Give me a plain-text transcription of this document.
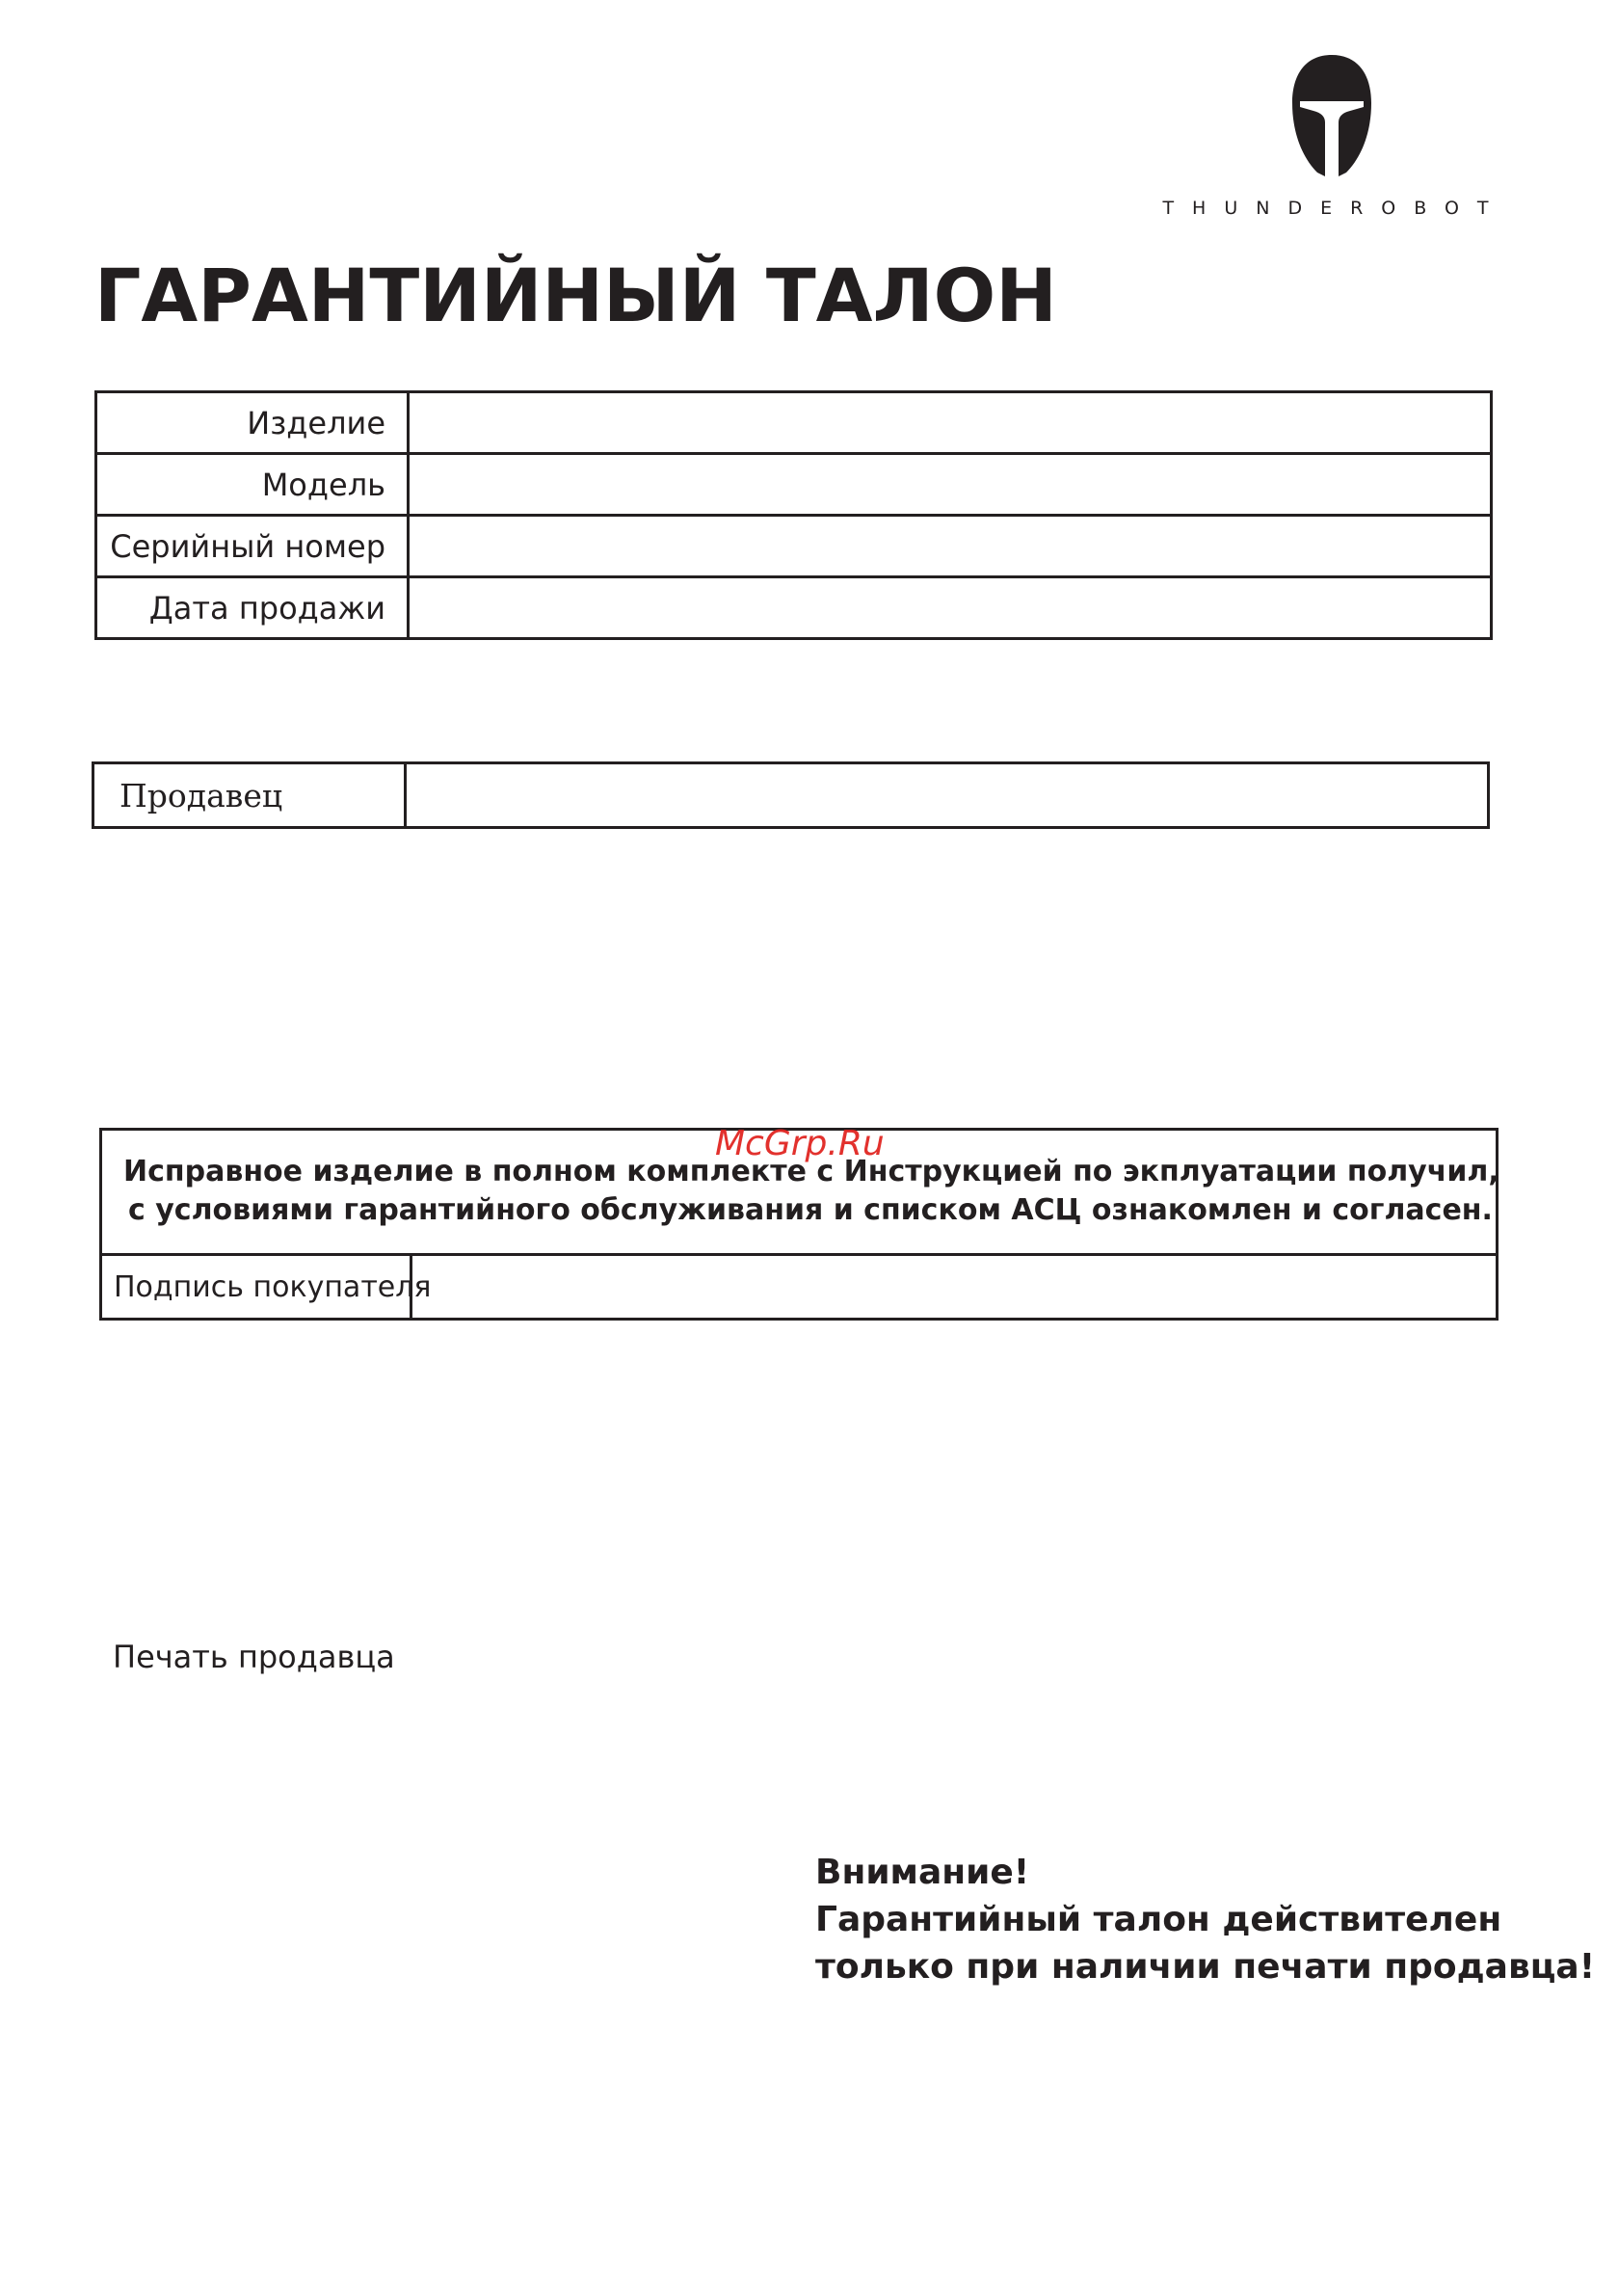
THUNDEROBOT
ГАРАНТИЙНЫЙ ТАЛОН
Изделие	
Модель	
Серийный номер	
Дата продажи	
Продавец	
Исправное изделие в полном комплекте с Инструкцией по экплуатации получил,
с условиями гарантийного обслуживания и списком АСЦ ознакомлен и согласен.
Подпись покупателя
McGrp.Ru
Печать продавца
Внимание!
Гарантийный талон действителен
только при наличии печати продавца!
